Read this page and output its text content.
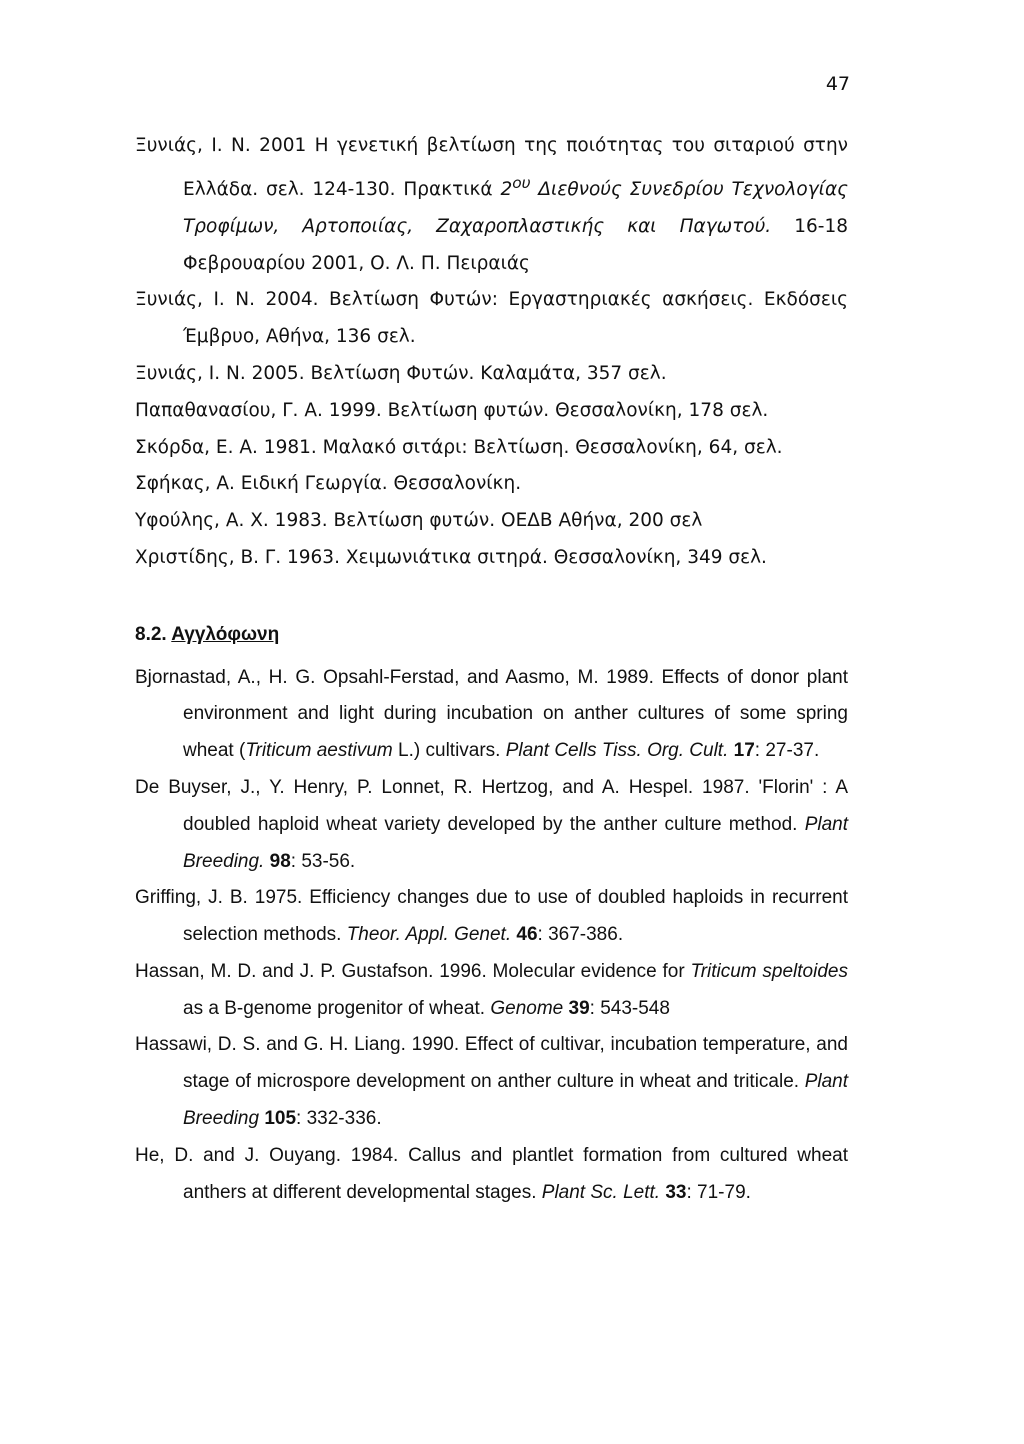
47

Ξυνιάς, Ι. Ν. 2001 Η γενετική βελτίωση της ποιότητας του σιταριού στην Ελλάδα. σελ. 124-130. Πρακτικά $2^{o\upsilon}$ Διεθνούς Συνεδρίου Τεχνολογίας Τροφίμων, Αρτοποιίας, Ζαχαροπλαστικής και Παγωτού. 16-18 Φεβρουαρίου 2001, Ο. Λ. Π. Πειραιάς

Ξυνιάς, Ι. Ν. 2004. Βελτίωση Φυτών: Εργαστηριακές ασκήσεις. Εκδόσεις Έμβρυο, Αθήνα, 136 σελ.

Ξυνιάς, Ι. Ν. 2005. Βελτίωση Φυτών. Καλαμάτα, 357 σελ.

Παπαθανασίου, Γ. Α. 1999. Βελτίωση φυτών. Θεσσαλονίκη, 178 σελ.

Σκόρδα, Ε. Α. 1981. Μαλακό σιτάρι: Βελτίωση. Θεσσαλονίκη, 64, σελ.

Σφήκας, Α. Ειδική Γεωργία. Θεσσαλονίκη.

Υφούλης, Α. Χ. 1983. Βελτίωση φυτών. ΟΕΔΒ Αθήνα, 200 σελ

Χριστίδης, Β. Γ. 1963. Χειμωνιάτικα σιτηρά. Θεσσαλονίκη, 349 σελ.

8.2. Αγγλόφωνη

Bjornastad, A., H. G. Opsahl-Ferstad, and Aasmo, M. 1989. Effects of donor plant environment and light during incubation on anther cultures of some spring wheat (Triticum aestivum L.) cultivars. Plant Cells Tiss. Org. Cult. 17: 27-37.

De Buyser, J., Y. Henry, P. Lonnet, R. Hertzog, and A. Hespel. 1987. 'Florin' : A doubled haploid wheat variety developed by the anther culture method. Plant Breeding. 98: 53-56.

Griffing, J. B. 1975. Efficiency changes due to use of doubled haploids in recurrent selection methods. Theor. Appl. Genet. 46: 367-386.

Hassan, M. D. and J. P. Gustafson. 1996. Molecular evidence for Triticum speltoides as a B-genome progenitor of wheat. Genome 39: 543-548

Hassawi, D. S. and G. H. Liang. 1990. Effect of cultivar, incubation temperature, and stage of microspore development on anther culture in wheat and triticale. Plant Breeding 105: 332-336.

He, D. and J. Ouyang. 1984. Callus and plantlet formation from cultured wheat anthers at different developmental stages. Plant Sc. Lett. 33: 71-79.
